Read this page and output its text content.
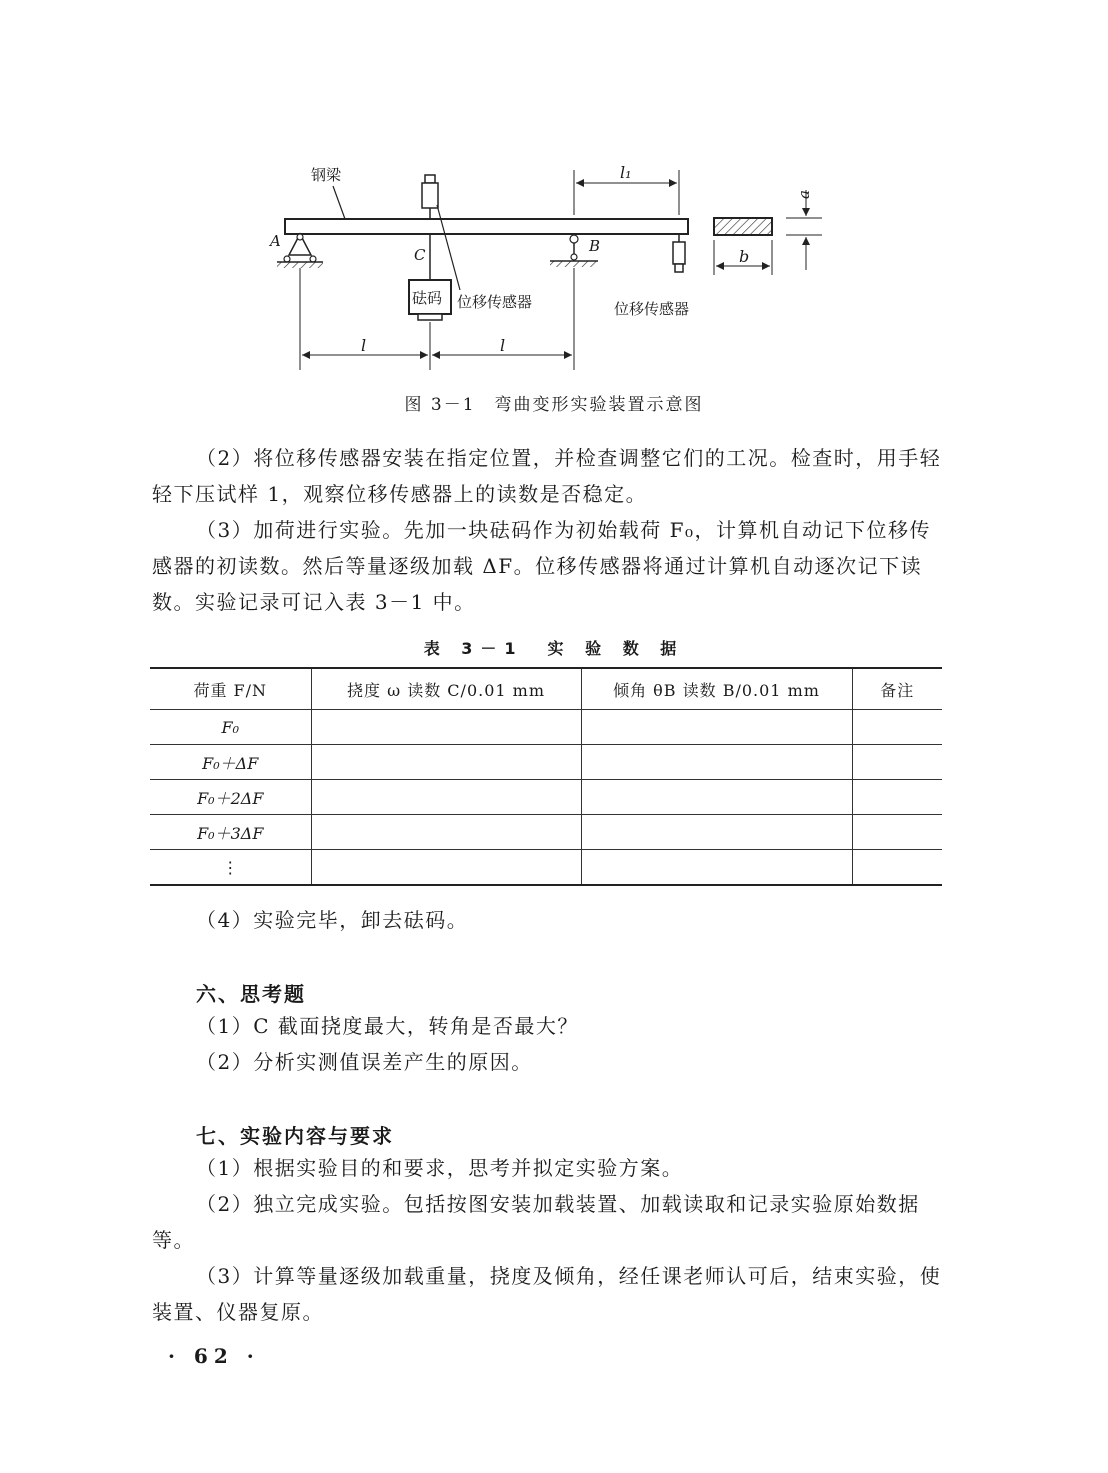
钢梁
A	B
位移传感器
C
砝码
位移传感器
l	l
l₁
b
a
图 3－1　弯曲变形实验装置示意图

（2）将位移传感器安装在指定位置，并检查调整它们的工况。检查时，用手轻轻下压试样 1，观察位移传感器上的读数是否稳定。

（3）加荷进行实验。先加一块砝码作为初始载荷 F₀，计算机自动记下位移传感器的初读数。然后等量逐级加载 ΔF。位移传感器将通过计算机自动逐次记下读数。实验记录可记入表 3－1 中。

表 3－1　实 验 数 据
荷重 F/N	挠度 ω 读数 C/0.01 mm	倾角 θB 读数 B/0.01 mm	备注
F₀			
F₀＋ΔF			
F₀＋2ΔF			
F₀＋3ΔF			
⋮			

（4）实验完毕，卸去砝码。

六、思考题

（1）C 截面挠度最大，转角是否最大？

（2）分析实测值误差产生的原因。

七、实验内容与要求

（1）根据实验目的和要求，思考并拟定实验方案。

（2）独立完成实验。包括按图安装加载装置、加载读取和记录实验原始数据等。

（3）计算等量逐级加载重量，挠度及倾角，经任课老师认可后，结束实验，使装置、仪器复原。

· 62 ·
